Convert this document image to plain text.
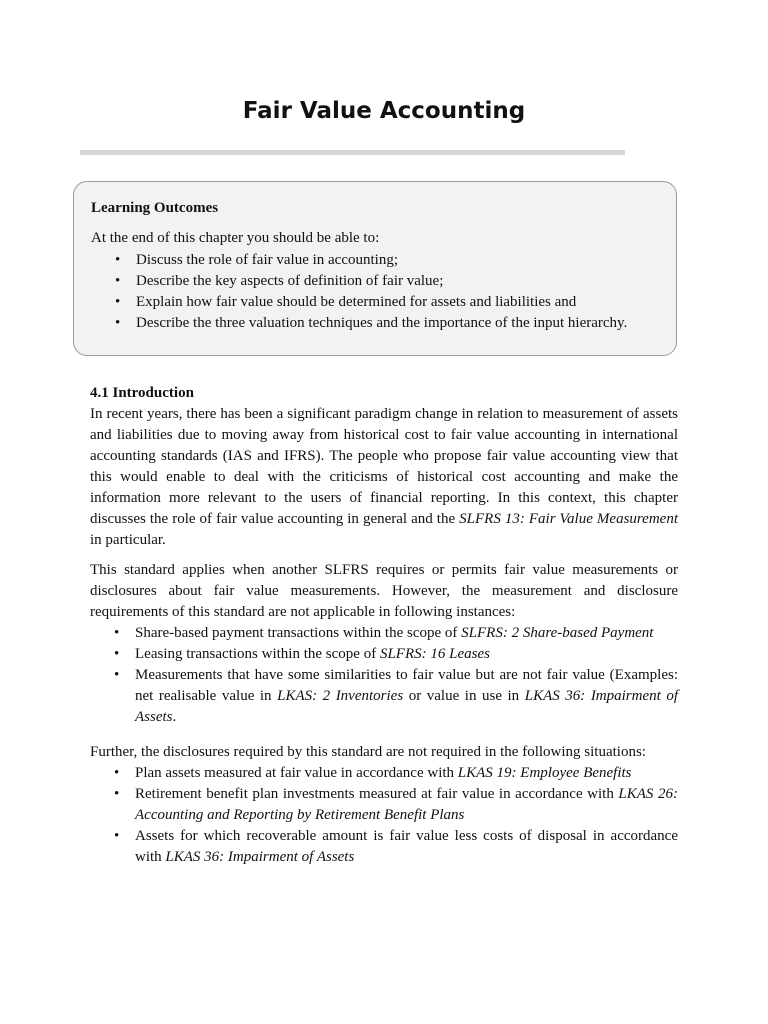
Fair Value Accounting

Learning Outcomes

At the end of this chapter you should be able to:

• Discuss the role of fair value in accounting;
• Describe the key aspects of definition of fair value;
• Explain how fair value should be determined for assets and liabilities and
• Describe the three valuation techniques and the importance of the input hierarchy.

4.1 Introduction

In recent years, there has been a significant paradigm change in relation to measurement of assets and liabilities due to moving away from historical cost to fair value accounting in international accounting standards (IAS and IFRS). The people who propose fair value accounting view that this would enable to deal with the criticisms of historical cost accounting and make the information more relevant to the users of financial reporting. In this context, this chapter discusses the role of fair value accounting in general and the SLFRS 13: Fair Value Measurement in particular.

This standard applies when another SLFRS requires or permits fair value measurements or disclosures about fair value measurements. However, the measurement and disclosure requirements of this standard are not applicable in following instances:

• Share-based payment transactions within the scope of SLFRS: 2 Share-based Payment
• Leasing transactions within the scope of SLFRS: 16 Leases
• Measurements that have some similarities to fair value but are not fair value (Examples: net realisable value in LKAS: 2 Inventories or value in use in LKAS 36: Impairment of Assets.

Further, the disclosures required by this standard are not required in the following situations:

• Plan assets measured at fair value in accordance with LKAS 19: Employee Benefits
• Retirement benefit plan investments measured at fair value in accordance with LKAS 26: Accounting and Reporting by Retirement Benefit Plans
• Assets for which recoverable amount is fair value less costs of disposal in accordance with LKAS 36: Impairment of Assets
